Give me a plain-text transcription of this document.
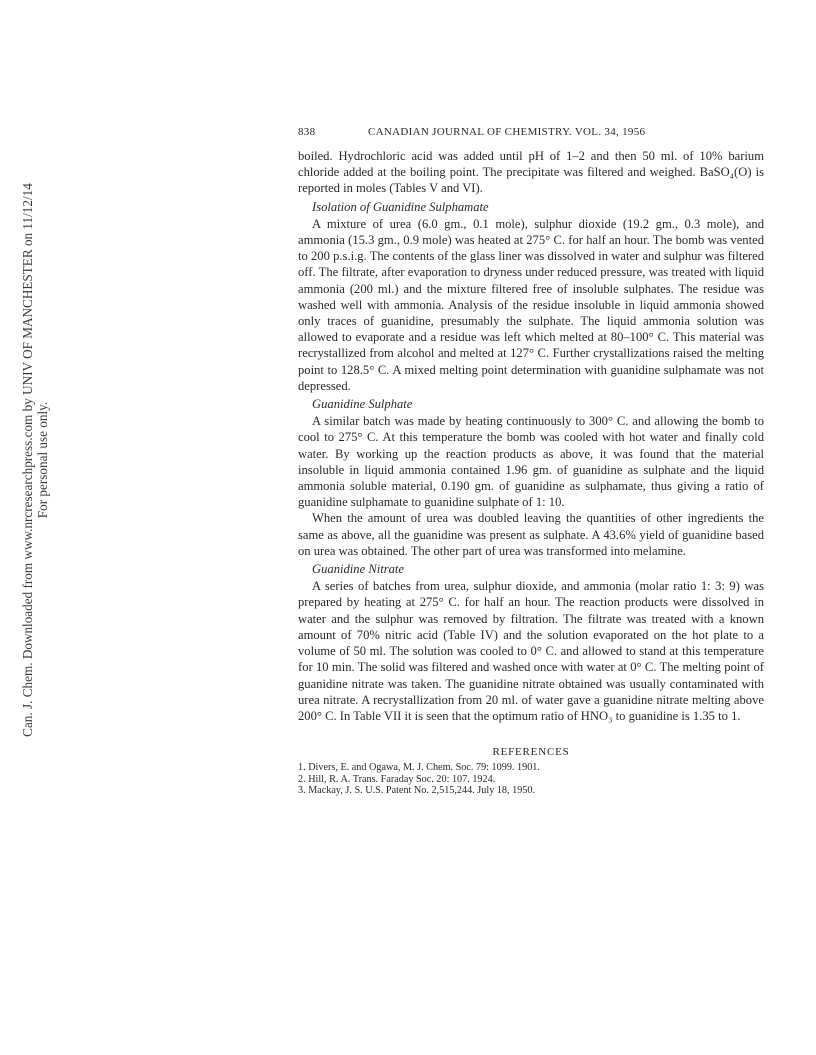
Can. J. Chem. Downloaded from www.nrcresearchpress.com by UNIV OF MANCHESTER on 11/12/14 For personal use only.
838	CANADIAN JOURNAL OF CHEMISTRY. VOL. 34, 1956

boiled. Hydrochloric acid was added until pH of 1–2 and then 50 ml. of 10% barium chloride added at the boiling point. The precipitate was filtered and weighed. BaSO₄(O) is reported in moles (Tables V and VI).

Isolation of Guanidine Sulphamate

A mixture of urea (6.0 gm., 0.1 mole), sulphur dioxide (19.2 gm., 0.3 mole), and ammonia (15.3 gm., 0.9 mole) was heated at 275° C. for half an hour. The bomb was vented to 200 p.s.i.g. The contents of the glass liner was dissolved in water and sulphur was filtered off. The filtrate, after evaporation to dryness under reduced pressure, was treated with liquid ammonia (200 ml.) and the mixture filtered free of insoluble sulphates. The residue was washed well with ammonia. Analysis of the residue insoluble in liquid ammonia showed only traces of guanidine, presumably the sulphate. The liquid ammonia solution was allowed to evaporate and a residue was left which melted at 80–100° C. This material was recrystallized from alcohol and melted at 127° C. Further crystallizations raised the melting point to 128.5° C. A mixed melting point determination with guanidine sulphamate was not depressed.

Guanidine Sulphate

A similar batch was made by heating continuously to 300° C. and allowing the bomb to cool to 275° C. At this temperature the bomb was cooled with hot water and finally cold water. By working up the reaction products as above, it was found that the material insoluble in liquid ammonia contained 1.96 gm. of guanidine as sulphate and the liquid ammonia soluble material, 0.190 gm. of guanidine as sulphamate, thus giving a ratio of guanidine sulphamate to guanidine sulphate of 1: 10.

When the amount of urea was doubled leaving the quantities of other ingredients the same as above, all the guanidine was present as sulphate. A 43.6% yield of guanidine based on urea was obtained. The other part of urea was transformed into melamine.

Guanidine Nitrate

A series of batches from urea, sulphur dioxide, and ammonia (molar ratio 1: 3: 9) was prepared by heating at 275° C. for half an hour. The reaction products were dissolved in water and the sulphur was removed by filtration. The filtrate was treated with a known amount of 70% nitric acid (Table IV) and the solution evaporated on the hot plate to a volume of 50 ml. The solution was cooled to 0° C. and allowed to stand at this temperature for 10 min. The solid was filtered and washed once with water at 0° C. The melting point of guanidine nitrate was taken. The guanidine nitrate obtained was usually contaminated with urea nitrate. A recrystallization from 20 ml. of water gave a guanidine nitrate melting above 200° C. In Table VII it is seen that the optimum ratio of HNO₃ to guanidine is 1.35 to 1.

REFERENCES
1. Divers, E. and Ogawa, M. J. Chem. Soc. 79: 1099. 1901.
2. Hill, R. A. Trans. Faraday Soc. 20: 107. 1924.
3. Mackay, J. S. U.S. Patent No. 2,515,244. July 18, 1950.
